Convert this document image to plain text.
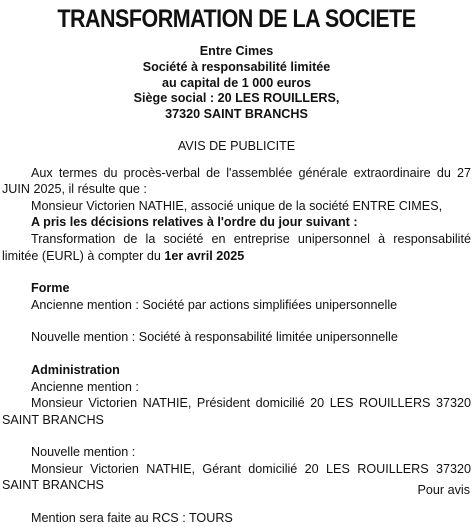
TRANSFORMATION DE LA SOCIETE
Entre Cimes
Société à responsabilité limitée
au capital de 1 000 euros
Siège social : 20 LES ROUILLERS,
37320 SAINT BRANCHS
AVIS DE PUBLICITE

Aux termes du procès-verbal de l'assemblée générale extraordinaire du 27 JUIN 2025, il résulte que :

Monsieur Victorien NATHIE, associé unique de la société ENTRE CIMES,

A pris les décisions relatives à l'ordre du jour suivant :

Transformation de la société en entreprise unipersonnel à responsabilité limitée (EURL) à compter du 1er avril 2025

Forme

Ancienne mention : Société par actions simplifiées unipersonnelle

Nouvelle mention : Société à responsabilité limitée unipersonnelle

Administration

Ancienne mention :

Monsieur Victorien NATHIE, Président domicilié 20 LES ROUILLERS 37320 SAINT BRANCHS

Nouvelle mention :

Monsieur Victorien NATHIE, Gérant domicilié 20 LES ROUILLERS 37320 SAINT BRANCHS

Mention sera faite au RCS : TOURS

Pour avis
